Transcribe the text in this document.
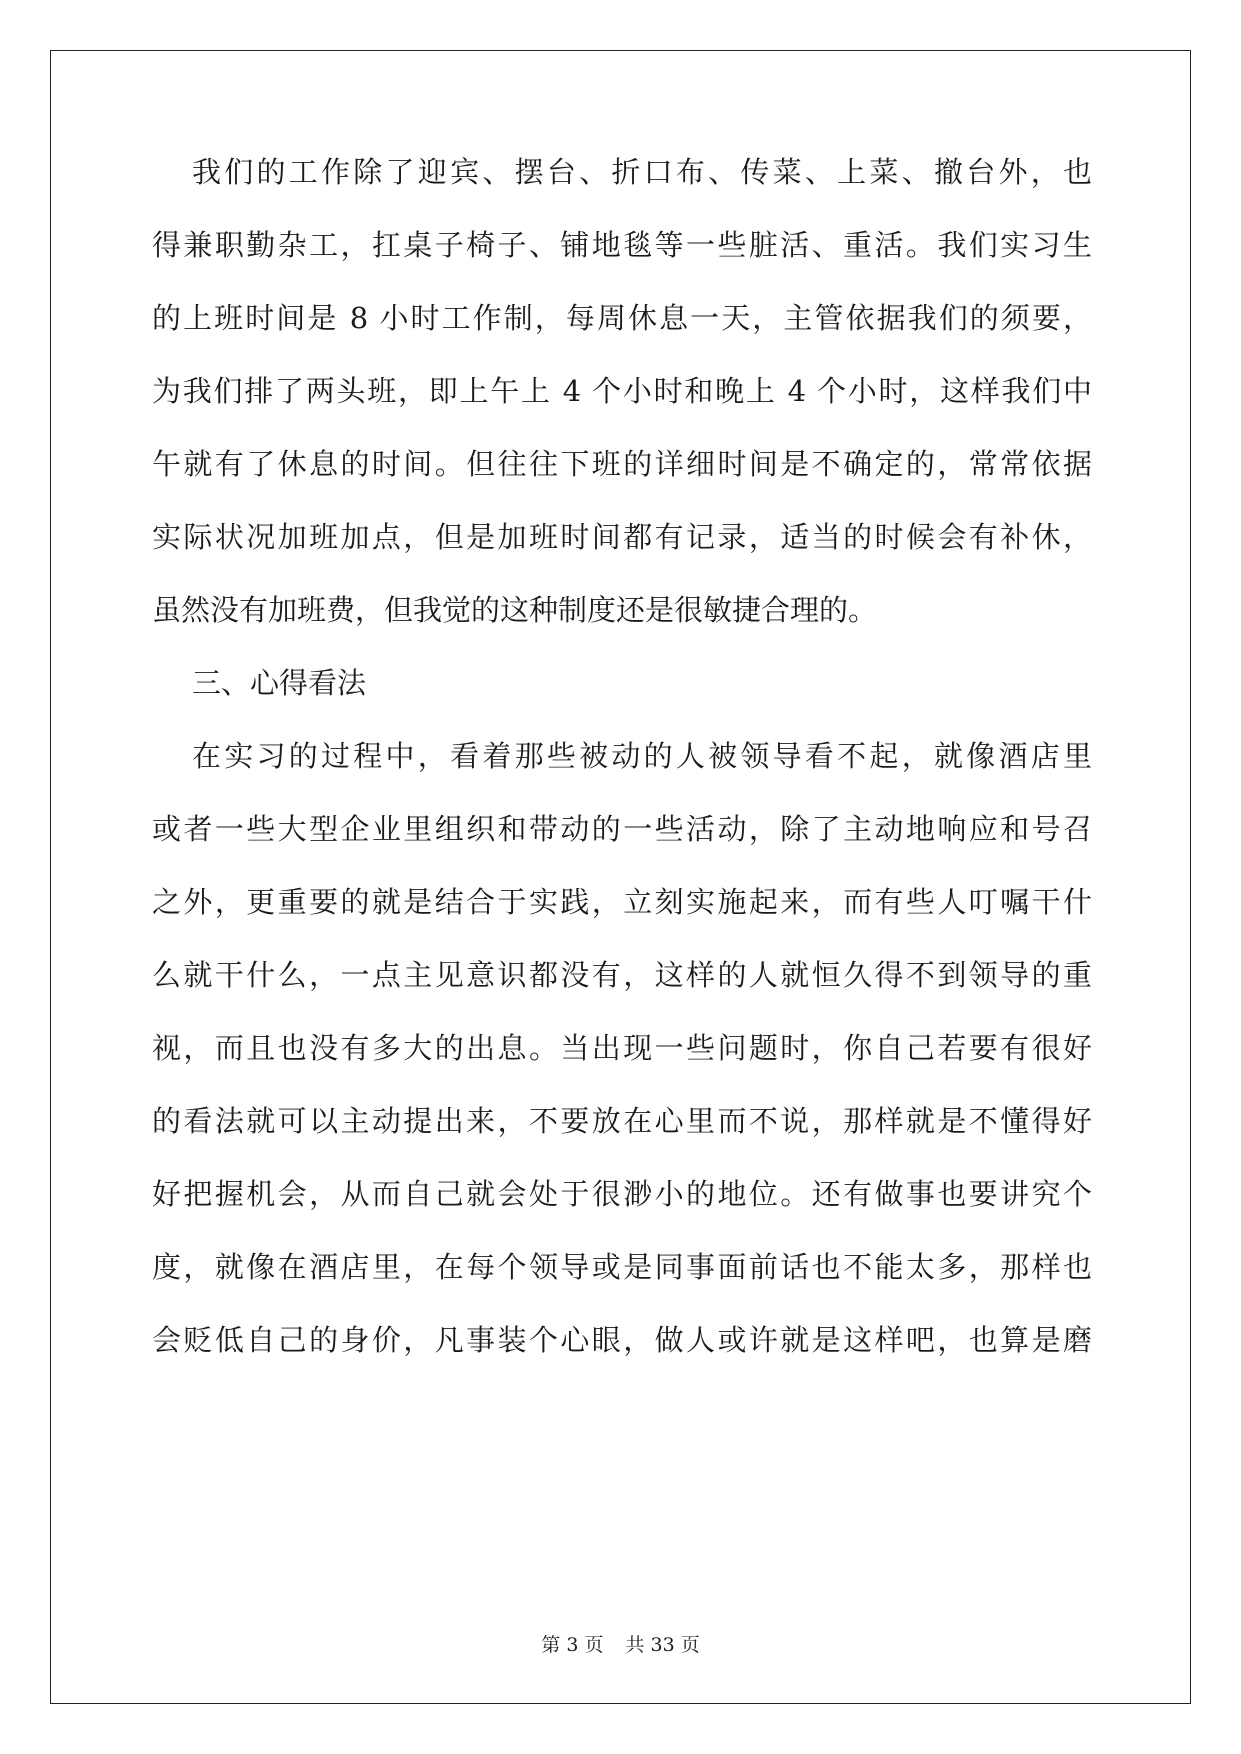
我们的工作除了迎宾、摆台、折口布、传菜、上菜、撤台外，也
得兼职勤杂工，扛桌子椅子、铺地毯等一些脏活、重活。我们实习生
的上班时间是 8 小时工作制，每周休息一天，主管依据我们的须要，
为我们排了两头班，即上午上 4 个小时和晚上 4 个小时，这样我们中
午就有了休息的时间。但往往下班的详细时间是不确定的，常常依据
实际状况加班加点，但是加班时间都有记录，适当的时候会有补休，
虽然没有加班费，但我觉的这种制度还是很敏捷合理的。
三、心得看法
在实习的过程中，看着那些被动的人被领导看不起，就像酒店里
或者一些大型企业里组织和带动的一些活动，除了主动地响应和号召
之外，更重要的就是结合于实践，立刻实施起来，而有些人叮嘱干什
么就干什么，一点主见意识都没有，这样的人就恒久得不到领导的重
视，而且也没有多大的出息。当出现一些问题时，你自己若要有很好
的看法就可以主动提出来，不要放在心里而不说，那样就是不懂得好
好把握机会，从而自己就会处于很渺小的地位。还有做事也要讲究个
度，就像在酒店里，在每个领导或是同事面前话也不能太多，那样也
会贬低自己的身价，凡事装个心眼，做人或许就是这样吧，也算是磨
第 3 页 共 33 页
